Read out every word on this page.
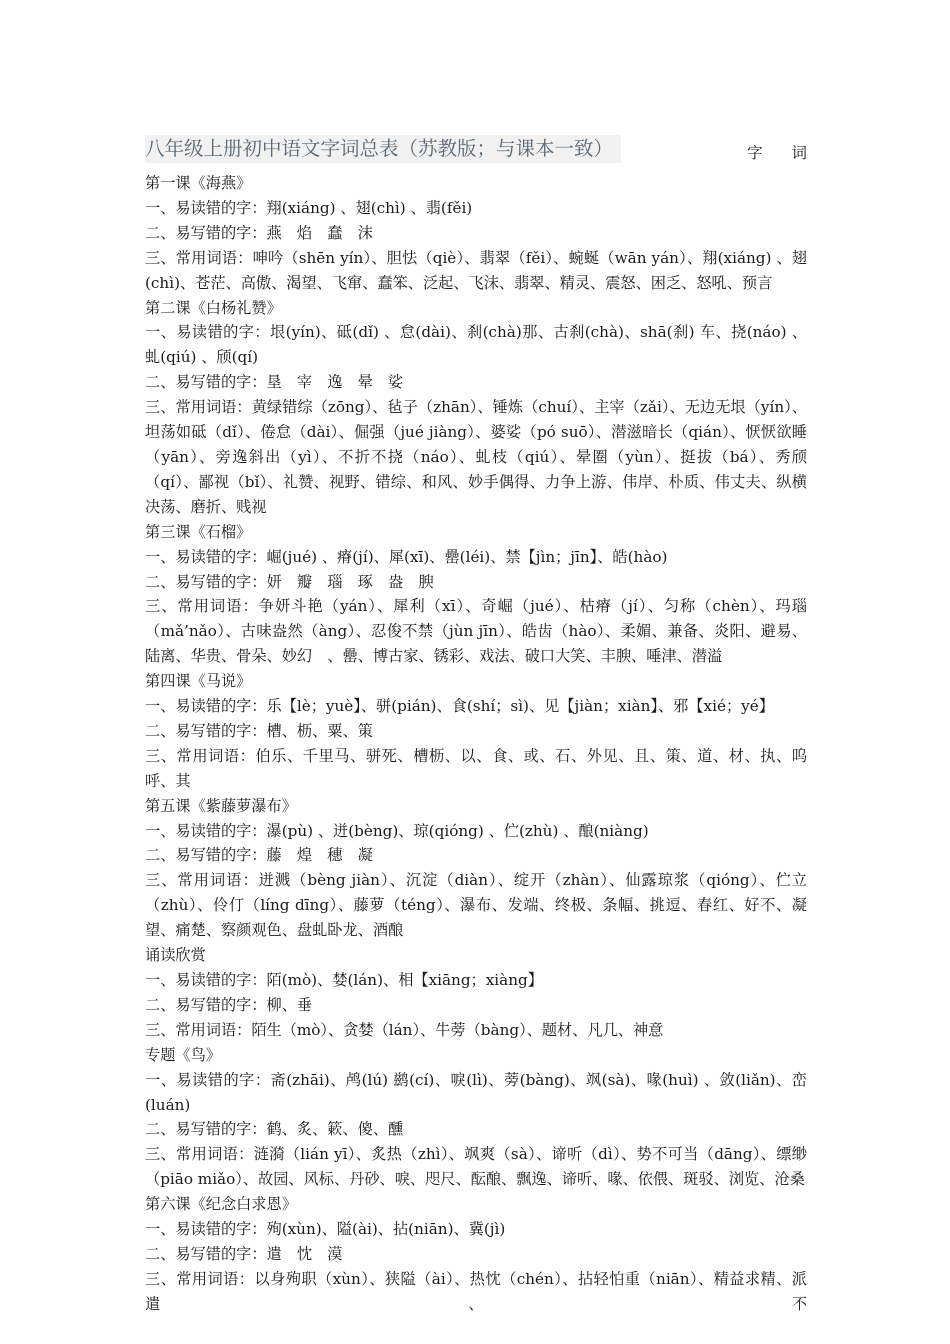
八年级上册初中语文字词总表（苏教版；与课本一致）	字 词
第一课《海燕》
一、易读错的字：翔(xiáng) 、翅(chì) 、翡(fěi)
二、易写错的字：燕　焰　蠢　沫
三、常用词语：呻吟（shēn yín）、胆怯（qiè）、翡翠（fěi）、蜿蜒（wān yán）、翔(xiáng) 、翅(chì)、苍茫、高傲、渴望、飞窜、蠢笨、泛起、飞沫、翡翠、精灵、震怒、困乏、怒吼、预言
第二课《白杨礼赞》
一、易读错的字：垠(yín)、砥(dǐ) 、怠(dài)、刹(chà)那、古刹(chà)、shā(刹) 车、挠(náo) 、虬(qiú) 、颀(qí)
二、易写错的字：垦　宰　逸　晕　娑
三、常用词语：黄绿错综（zōng）、毡子（zhān）、锤炼（chuí）、主宰（zǎi）、无边无垠（yín）、坦荡如砥（dǐ）、倦怠（dài）、倔强（jué jiàng）、婆娑（pó suō）、潜滋暗长（qián）、恹恹欲睡（yān）、旁逸斜出（yì）、不折不挠（náo）、虬枝（qiú）、晕圈（yùn）、挺拔（bá）、秀颀（qí）、鄙视（bǐ）、礼赞、视野、错综、和风、妙手偶得、力争上游、伟岸、朴质、伟丈夫、纵横决荡、磨折、贱视
第三课《石榴》
一、易读错的字：崛(jué) 、瘠(jí)、犀(xī)、罍(léi)、禁【jìn；jīn】、皓(hào)
二、易写错的字：妍　瓣　瑙　琢　盎　腴
三、常用词语：争妍斗艳（yán）、犀利（xī）、奇崛（jué）、枯瘠（jí）、匀称（chèn）、玛瑙（mǎ’nǎo）、古味盎然（àng）、忍俊不禁（jùn jīn）、皓齿（hào）、柔媚、兼备、炎阳、避易、陆离、华贵、骨朵、妙幻　、罍、博古家、锈彩、戏法、破口大笑、丰腴、唾津、潜溢
第四课《马说》
一、易读错的字：乐【lè；yuè】、骈(pián)、食(shí；sì)、见【jiàn；xiàn】、邪【xié；yé】
二、易写错的字：槽、枥、粟、策
三、常用词语：伯乐、千里马、骈死、槽枥、以、食、或、石、外见、且、策、道、材、执、呜呼、其
第五课《紫藤萝瀑布》
一、易读错的字：瀑(pù) 、迸(bèng)、琼(qióng) 、伫(zhù) 、酿(niàng)
二、易写错的字：藤　煌　穗　凝
三、常用词语：迸溅（bèng jiàn）、沉淀（diàn）、绽开（zhàn）、仙露琼浆（qióng）、伫立（zhù）、伶仃（líng dīng）、藤萝（téng）、瀑布、发端、终极、条幅、挑逗、春红、好不、凝望、痛楚、察颜观色、盘虬卧龙、酒酿
诵读欣赏
一、易读错的字：陌(mò)、婪(lán)、相【xiāng；xiàng】
二、易写错的字：柳、垂
三、常用词语：陌生（mò）、贪婪（lán）、牛蒡（bàng）、题材、凡几、神意
专题《鸟》
一、易读错的字：斋(zhāi)、鸬(lú) 鹚(cí)、唳(lì)、蒡(bàng)、飒(sà)、喙(huì) 、敛(liǎn)、峦(luán)
二、易写错的字：鹤、炙、簌、傻、醺
三、常用词语：涟漪（lián yī）、炙热（zhì）、飒爽（sà）、谛听（dì）、势不可当（dāng）、缥缈（piāo miǎo）、故园、风标、丹砂、唳、咫尺、酝酿、飘逸、谛听、喙、依偎、斑驳、浏览、沧桑
第六课《纪念白求恩》
一、易读错的字：殉(xùn)、隘(ài)、拈(niān)、冀(jì)
二、易写错的字：遣　忱　漠
三、常用词语：以身殉职（xùn）、狭隘（ài）、热忱（chén）、拈轻怕重（niān）、精益求精、派遣、不
